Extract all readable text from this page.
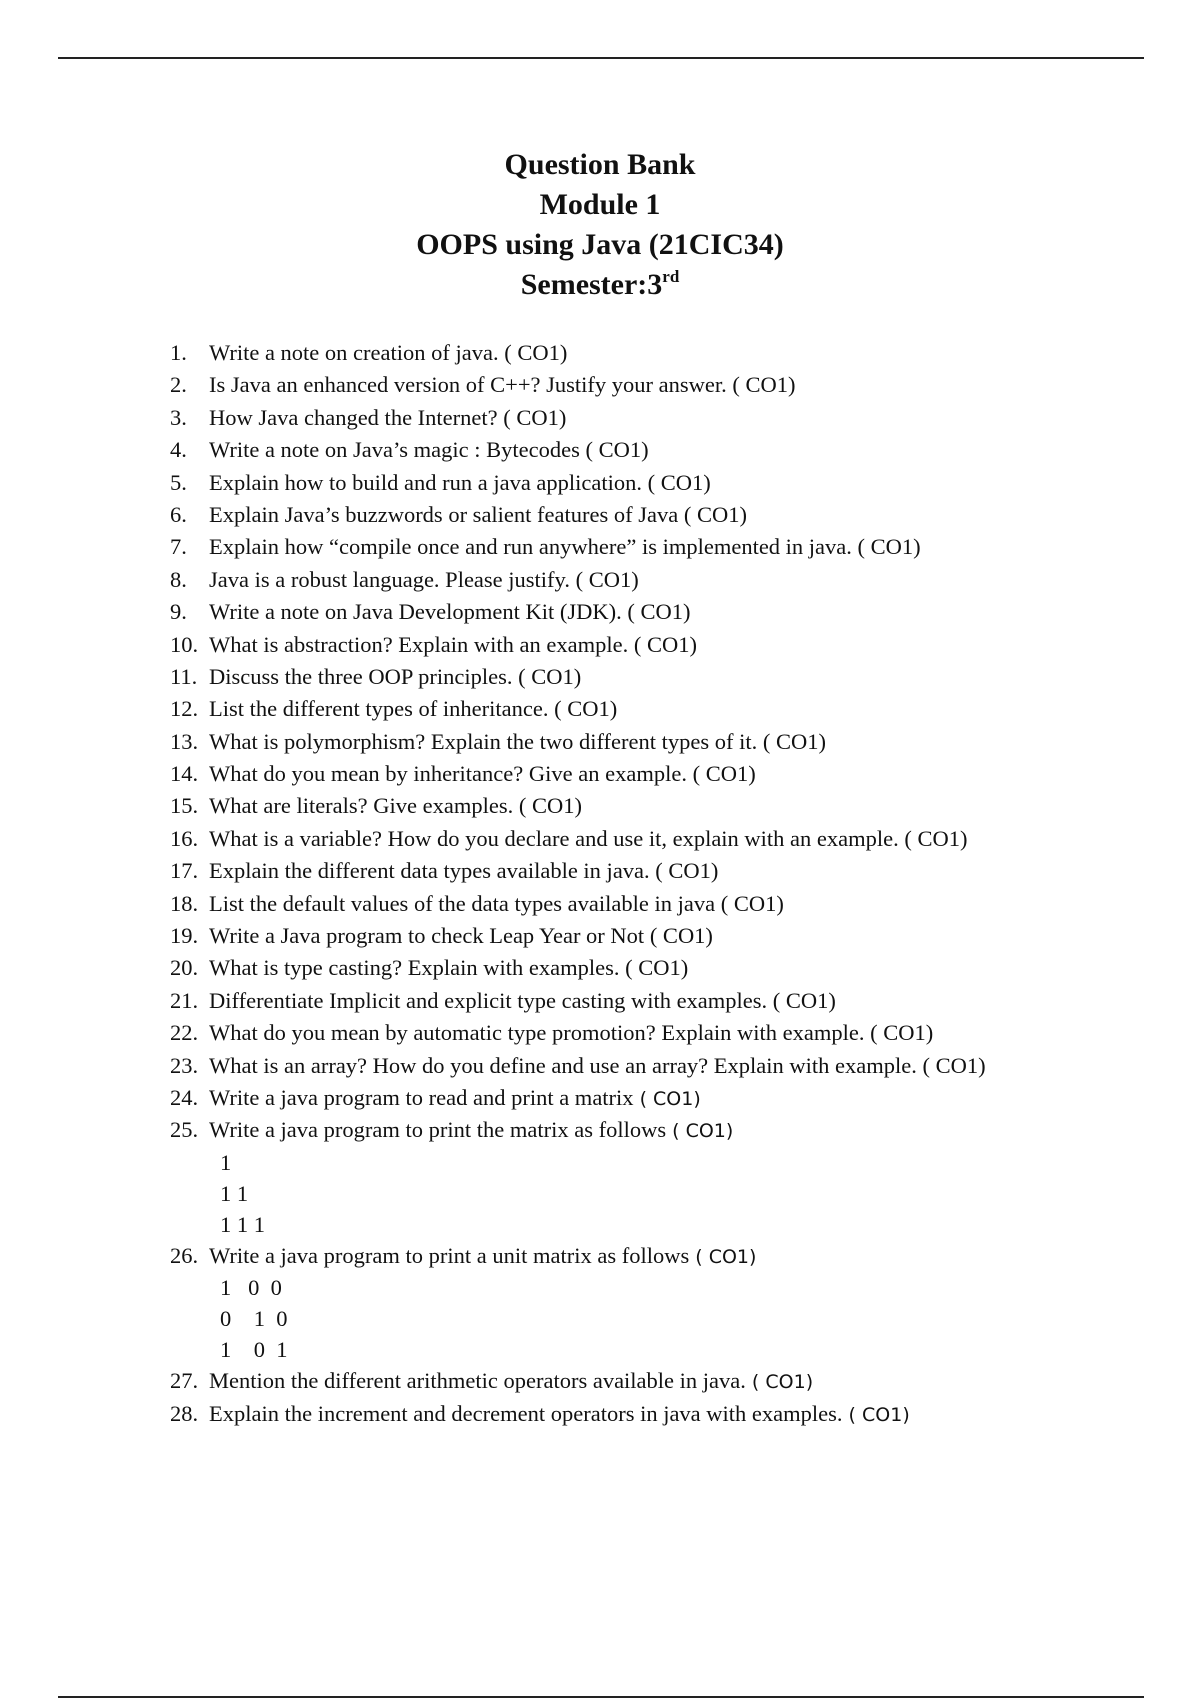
Question Bank

Module 1

OOPS using Java (21CIC34)

Semester:3rd

1. Write a note on creation of java. ( CO1)
2. Is Java an enhanced version of C++? Justify your answer. ( CO1)
3. How Java changed the Internet? ( CO1)
4. Write a note on Java’s magic : Bytecodes ( CO1)
5. Explain how to build and run a java application. ( CO1)
6. Explain Java’s buzzwords or salient features of Java ( CO1)
7. Explain how “compile once and run anywhere” is implemented in java. ( CO1)
8. Java is a robust language. Please justify. ( CO1)
9. Write a note on Java Development Kit (JDK). ( CO1)
10. What is abstraction? Explain with an example. ( CO1)
11. Discuss the three OOP principles. ( CO1)
12. List the different types of inheritance. ( CO1)
13. What is polymorphism? Explain the two different types of it. ( CO1)
14. What do you mean by inheritance? Give an example. ( CO1)
15. What are literals? Give examples. ( CO1)
16. What is a variable? How do you declare and use it, explain with an example. ( CO1)
17. Explain the different data types available in java. ( CO1)
18. List the default values of the data types available in java ( CO1)
19. Write a Java program to check Leap Year or Not ( CO1)
20. What is type casting? Explain with examples. ( CO1)
21. Differentiate Implicit and explicit type casting with examples. ( CO1)
22. What do you mean by automatic type promotion? Explain with example. ( CO1)
23. What is an array? How do you define and use an array? Explain with example. ( CO1)
24. Write a java program to read and print a matrix ( CO1)
25. Write a java program to print the matrix as follows ( CO1)
1
1 1
1 1 1
26. Write a java program to print a unit matrix as follows ( CO1)
1   0  0
0    1  0
1    0  1
27. Mention the different arithmetic operators available in java. ( CO1)
28. Explain the increment and decrement operators in java with examples. ( CO1)
